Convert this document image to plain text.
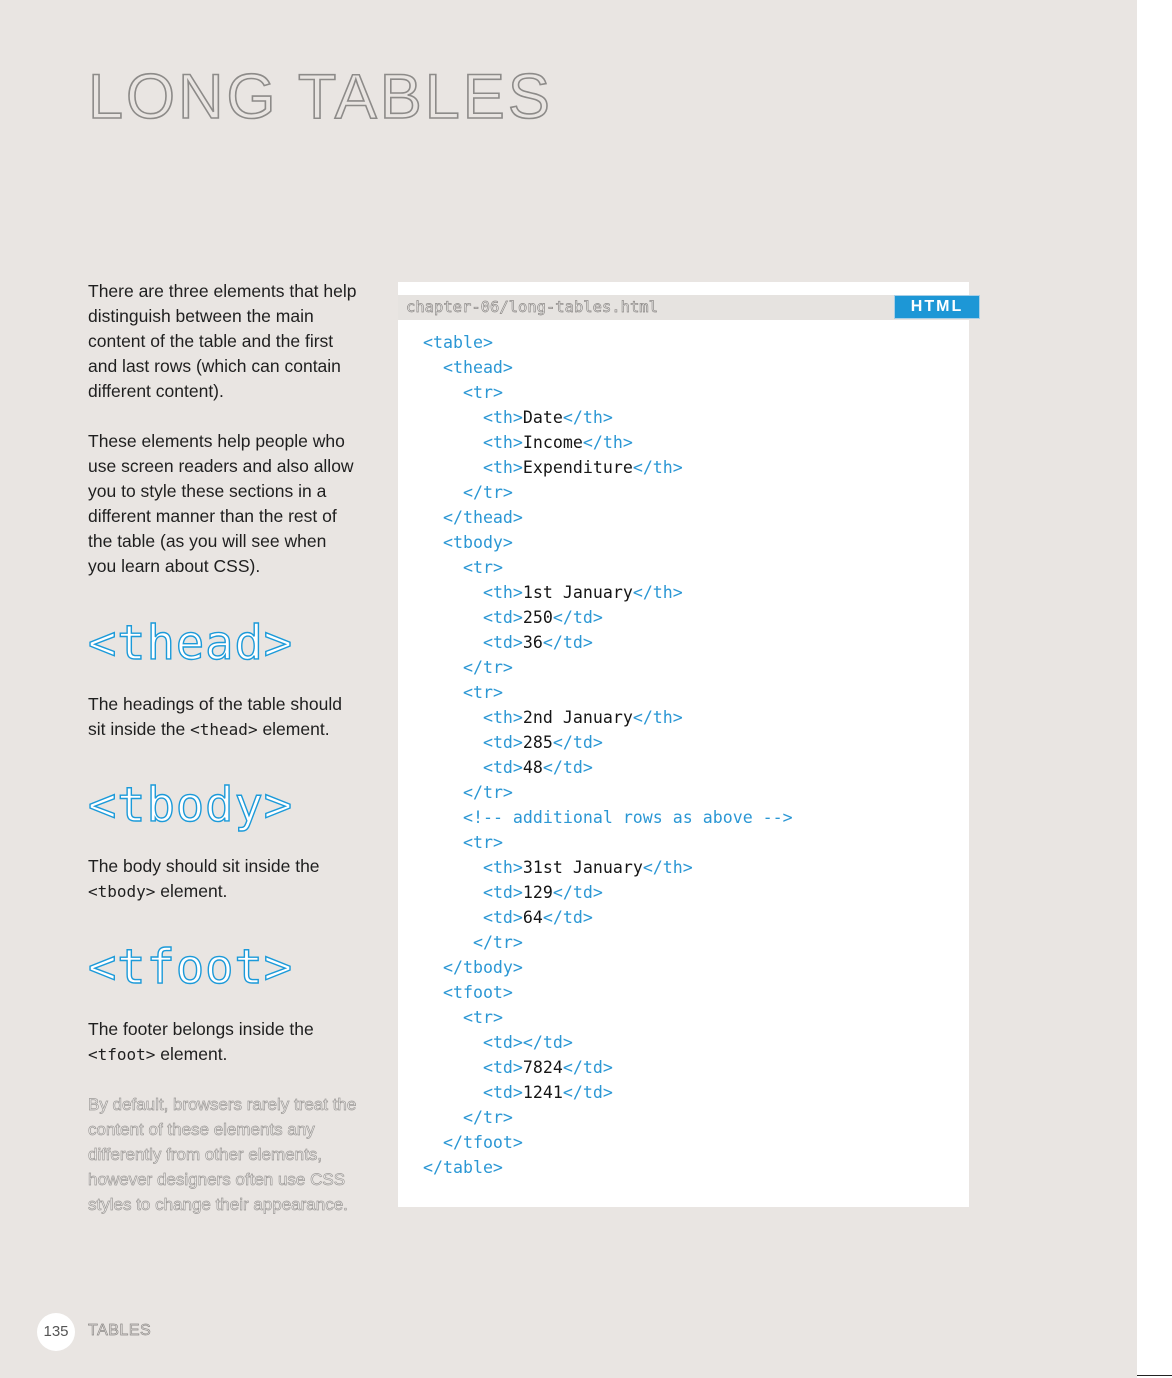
LONG TABLES

There are three elements that help distinguish between the main content of the table and the first and last rows (which can contain different content).

These elements help people who use screen readers and also allow you to style these sections in a different manner than the rest of the table (as you will see when you learn about CSS).

<thead>

The headings of the table should sit inside the <thead> element.

<tbody>

The body should sit inside the <tbody> element.

<tfoot>

The footer belongs inside the <tfoot> element.

By default, browsers rarely treat the content of these elements any differently from other elements, however designers often use CSS styles to change their appearance.

chapter-06/long-tables.html	HTML
<table>
<thead>
<tr>
<th>Date</th>
<th>Income</th>
<th>Expenditure</th>
</tr>
</thead>
<tbody>
<tr>
<th>1st January</th>
<td>250</td>
<td>36</td>
</tr>
<tr>
<th>2nd January</th>
<td>285</td>
<td>48</td>
</tr>
<!-- additional rows as above -->
<tr>
<th>31st January</th>
<td>129</td>
<td>64</td>
</tr>
</tbody>
<tfoot>
<tr>
<td></td>
<td>7824</td>
<td>1241</td>
</tr>
</tfoot>
</table>
135	TABLES
